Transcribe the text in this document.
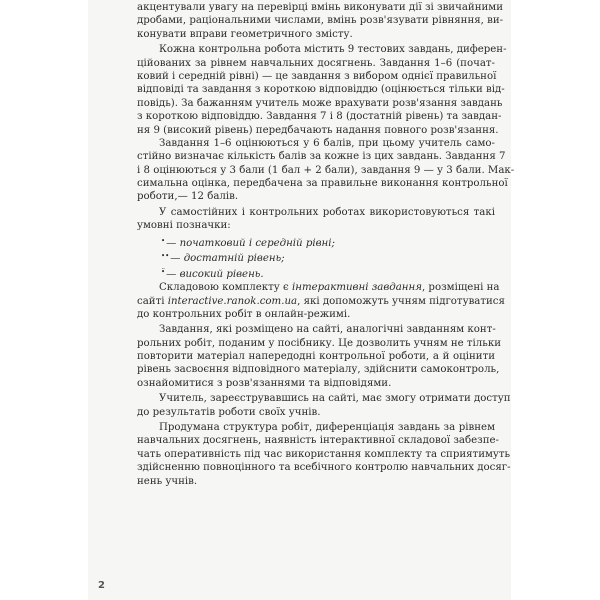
акцентували увагу на перевірці вмінь виконувати дії зі звичайними
дробами, раціональними числами, вмінь розв'язувати рівняння, ви-
конувати вправи геометричного змісту.
Кожна контрольна робота містить 9 тестових завдань, диферен-
ційованих за рівнем навчальних досягнень. Завдання 1–6 (почат-
ковий і середній рівні) — це завдання з вибором однієї правильної
відповіді та завдання з короткою відповіддю (оцінюється тільки від-
повідь). За бажанням учитель може врахувати розв'язання завдань
з короткою відповіддю. Завдання 7 і 8 (достатній рівень) та завдан-
ня 9 (високий рівень) передбачають надання повного розв'язання.
Завдання 1–6 оцінюються у 6 балів, при цьому учитель само-
стійно визначає кількість балів за кожне із цих завдань. Завдання 7
і 8 оцінюються у 3 бали (1 бал + 2 бали), завдання 9 — у 3 бали. Мак-
симальна оцінка, передбачена за правильне виконання контрольної
роботи,— 12 балів.
У самостійних і контрольних роботах використовуються такі
умовні позначки:
•— початковий і середній рівні;
••— достатній рівень;
•̈— високий рівень.
Складовою комплекту є інтерактивні завдання, розміщені на
сайті interactive.ranok.com.ua, які допоможуть учням підготуватися
до контрольних робіт в онлайн-режимі.
Завдання, які розміщено на сайті, аналогічні завданням конт-
рольних робіт, поданим у посібнику. Це дозволить учням не тільки
повторити матеріал напередодні контрольної роботи, а й оцінити
рівень засвоєння відповідного матеріалу, здійснити самоконтроль,
ознайомитися з розв'язаннями та відповідями.
Учитель, зареєструвавшись на сайті, має змогу отримати доступ
до результатів роботи своїх учнів.
Продумана структура робіт, диференціація завдань за рівнем
навчальних досягнень, наявність інтерактивної складової забезпе-
чать оперативність під час використання комплекту та сприятимуть
здійсненню повноцінного та всебічного контролю навчальних досяг-
нень учнів.
2
